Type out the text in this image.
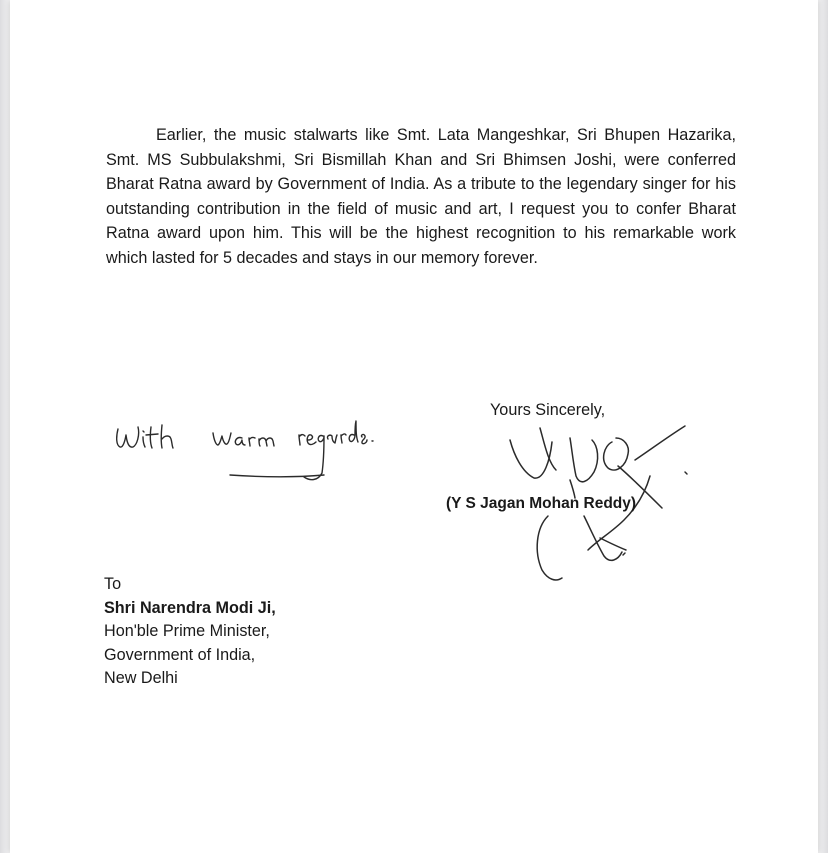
Earlier, the music stalwarts like Smt. Lata Mangeshkar, Sri Bhupen Hazarika, Smt. MS Subbulakshmi, Sri Bismillah Khan and Sri Bhimsen Joshi, were conferred Bharat Ratna award by Government of India. As a tribute to the legendary singer for his outstanding contribution in the field of music and art, I request you to confer Bharat Ratna award upon him. This will be the highest recognition to his remarkable work which lasted for 5 decades and stays in our memory forever.

Yours Sincerely,

(Y S Jagan Mohan Reddy)

To
Shri Narendra Modi Ji,
Hon'ble Prime Minister,
Government of India,
New Delhi
